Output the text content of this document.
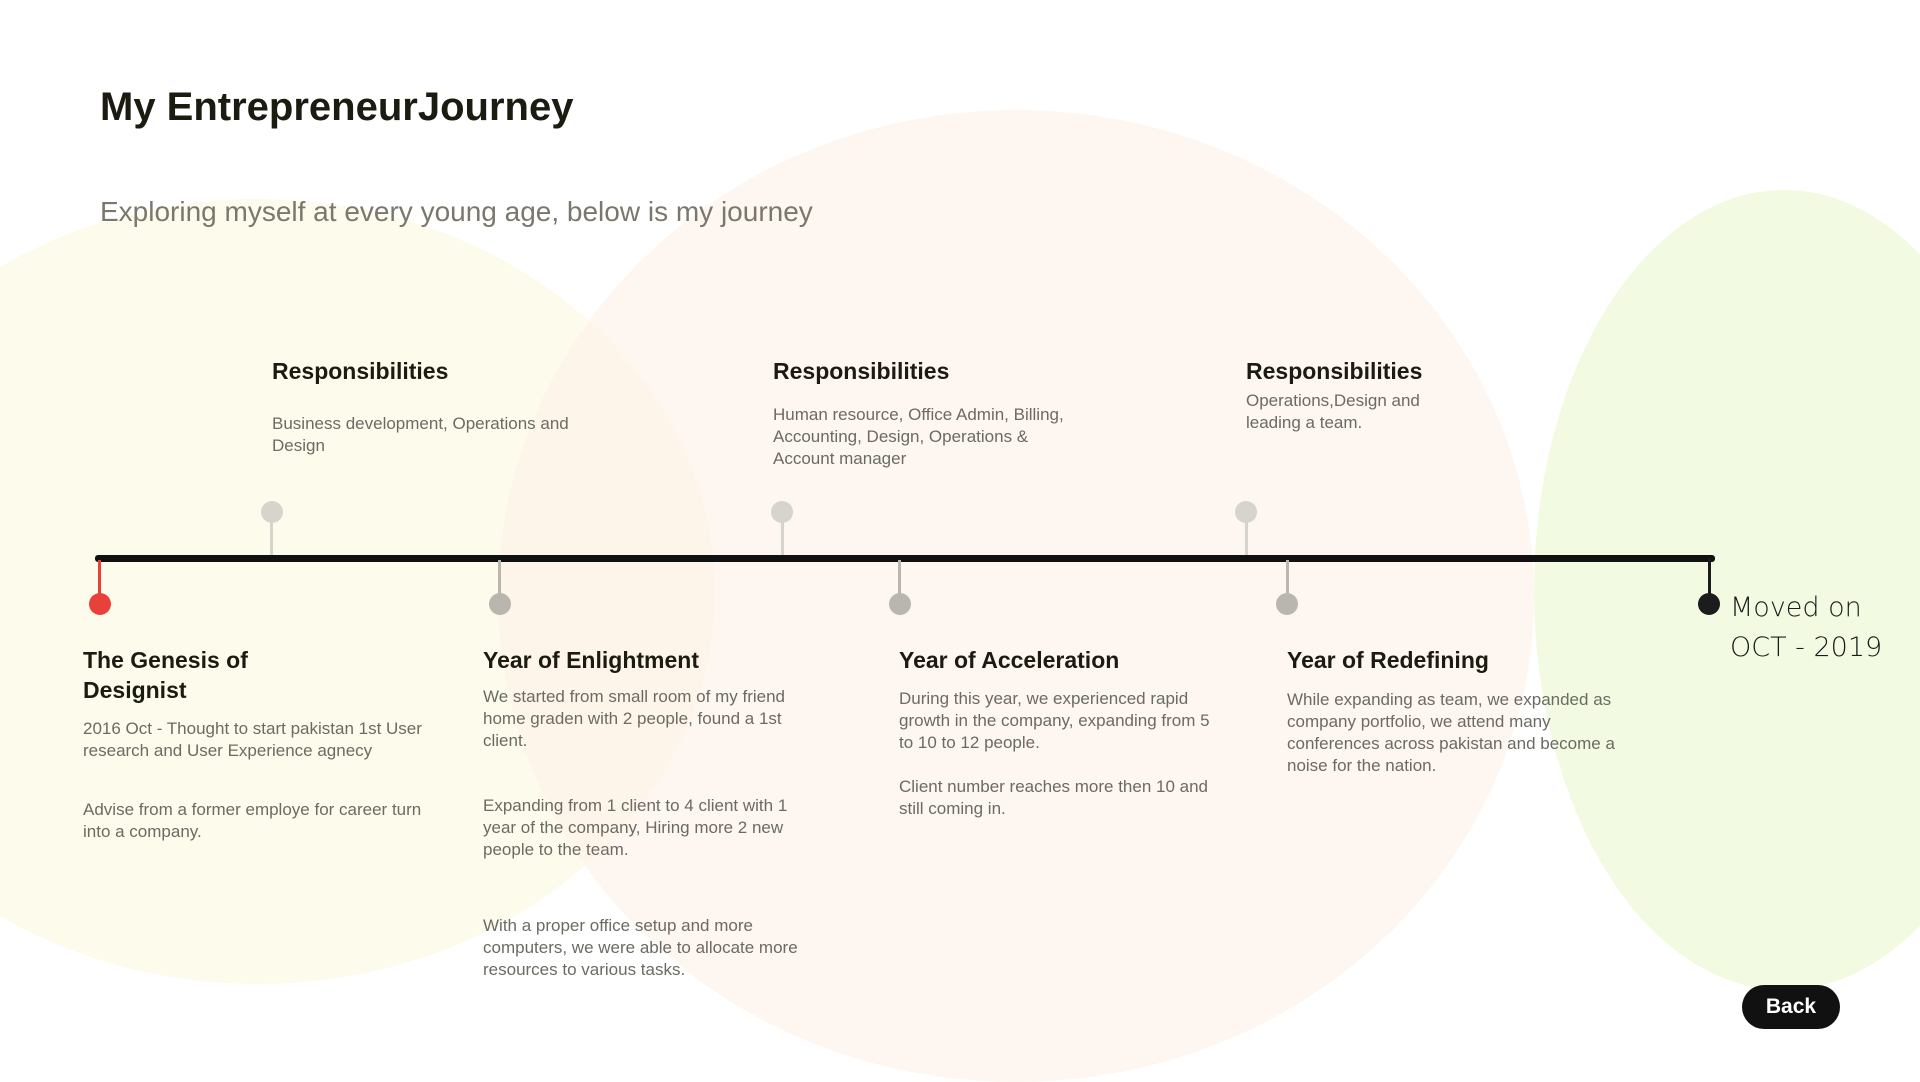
My EntrepreneurJourney

Exploring myself at every young age, below is my journey

Responsibilities

Business development, Operations and Design

Responsibilities

Human resource, Office Admin, Billing, Accounting, Design, Operations & Account manager

Responsibilities

Operations,Design and leading a team.

The Genesis of Designist

2016 Oct - Thought to start pakistan 1st User research and User Experience agnecy

Advise from a former employe for career turn into a company.

Year of Enlightment

We started from small room of my friend home graden with 2 people, found a 1st client.

Expanding from 1 client to 4 client with 1 year of the company, Hiring more 2 new people to the team.

With a proper office setup and more computers, we were able to allocate more resources to various tasks.

Year of Acceleration

During this year, we experienced rapid growth in the company, expanding from 5 to 10 to 12 people.

Client number reaches more then 10 and still coming in.

Year of Redefining

While expanding as team, we expanded as company portfolio, we attend many conferences across pakistan and become a noise for the nation.

Moved on
OCT - 2019
Back
